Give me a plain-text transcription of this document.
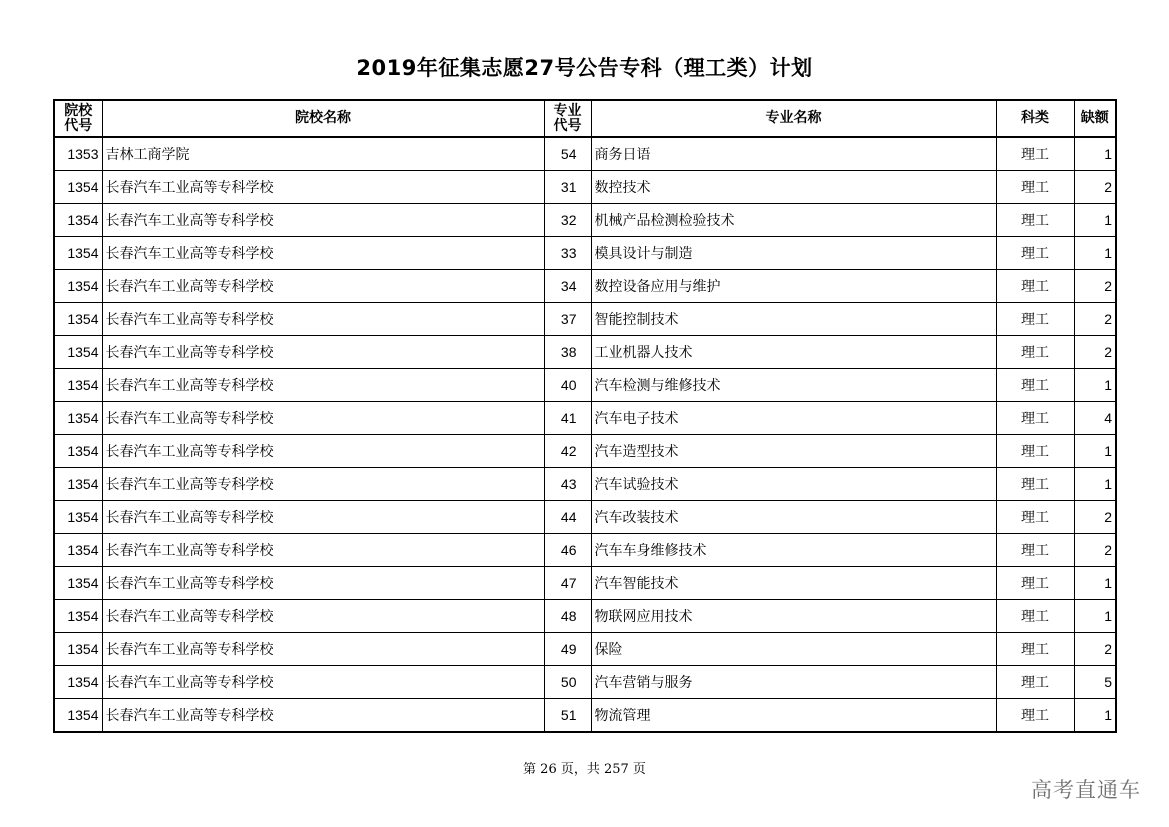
2019年征集志愿27号公告专科（理工类）计划
院校代号	院校名称	专业代号	专业名称	科类	缺额
1353	吉林工商学院	54	商务日语	理工	1
1354	长春汽车工业高等专科学校	31	数控技术	理工	2
1354	长春汽车工业高等专科学校	32	机械产品检测检验技术	理工	1
1354	长春汽车工业高等专科学校	33	模具设计与制造	理工	1
1354	长春汽车工业高等专科学校	34	数控设备应用与维护	理工	2
1354	长春汽车工业高等专科学校	37	智能控制技术	理工	2
1354	长春汽车工业高等专科学校	38	工业机器人技术	理工	2
1354	长春汽车工业高等专科学校	40	汽车检测与维修技术	理工	1
1354	长春汽车工业高等专科学校	41	汽车电子技术	理工	4
1354	长春汽车工业高等专科学校	42	汽车造型技术	理工	1
1354	长春汽车工业高等专科学校	43	汽车试验技术	理工	1
1354	长春汽车工业高等专科学校	44	汽车改装技术	理工	2
1354	长春汽车工业高等专科学校	46	汽车车身维修技术	理工	2
1354	长春汽车工业高等专科学校	47	汽车智能技术	理工	1
1354	长春汽车工业高等专科学校	48	物联网应用技术	理工	1
1354	长春汽车工业高等专科学校	49	保险	理工	2
1354	长春汽车工业高等专科学校	50	汽车营销与服务	理工	5
1354	长春汽车工业高等专科学校	51	物流管理	理工	1
第 26 页，共 257 页
高考直通车
